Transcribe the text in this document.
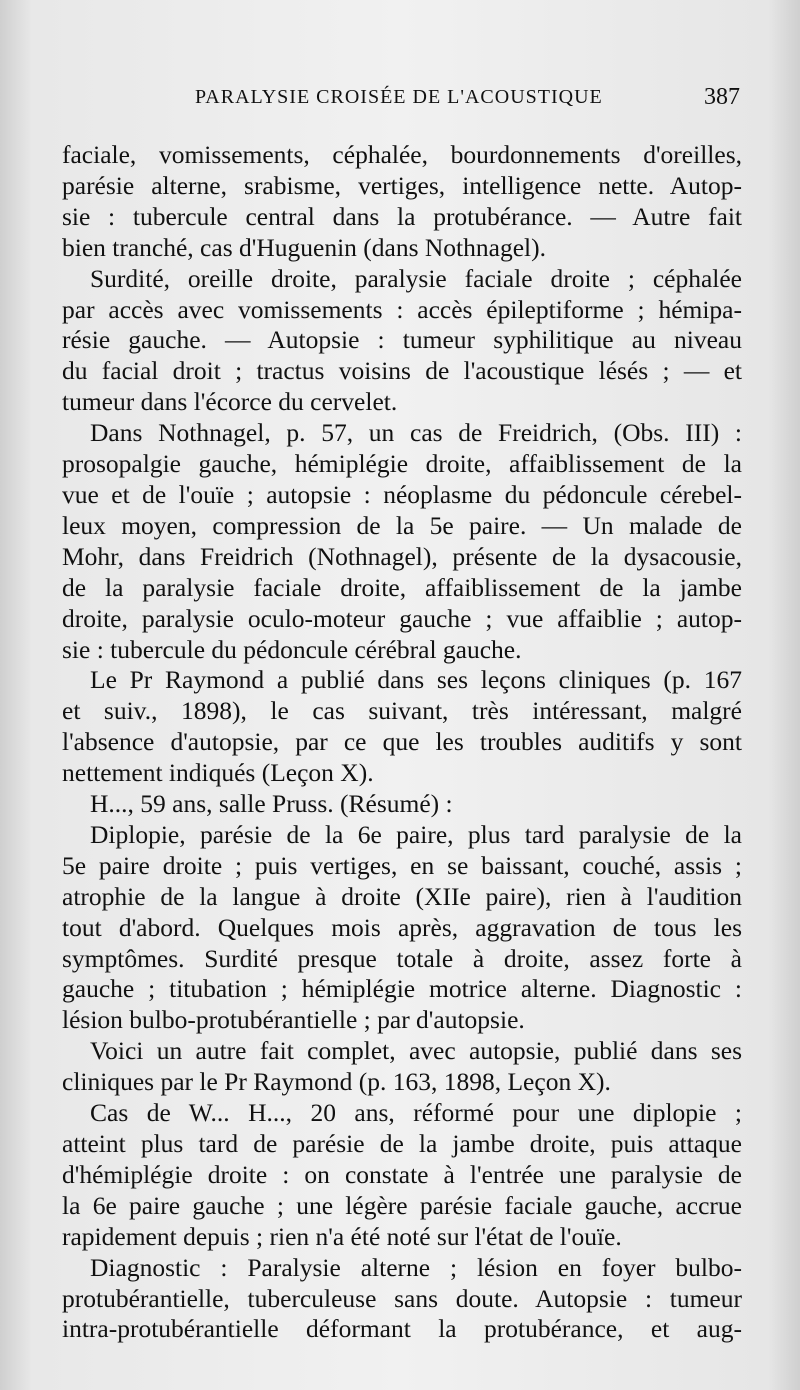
PARALYSIE CROISÉE DE L'ACOUSTIQUE	387
faciale, vomissements, céphalée, bourdonnements d'oreilles,
parésie alterne, srabisme, vertiges, intelligence nette. Autop-
sie : tubercule central dans la protubérance. — Autre fait
bien tranché, cas d'Huguenin (dans Nothnagel).
Surdité, oreille droite, paralysie faciale droite ; céphalée
par accès avec vomissements : accès épileptiforme ; hémipa-
résie gauche. — Autopsie : tumeur syphilitique au niveau
du facial droit ; tractus voisins de l'acoustique lésés ; — et
tumeur dans l'écorce du cervelet.
Dans Nothnagel, p. 57, un cas de Freidrich, (Obs. III) :
prosopalgie gauche, hémiplégie droite, affaiblissement de la
vue et de l'ouïe ; autopsie : néoplasme du pédoncule cérebel-
leux moyen, compression de la 5e paire. — Un malade de
Mohr, dans Freidrich (Nothnagel), présente de la dysacousie,
de la paralysie faciale droite, affaiblissement de la jambe
droite, paralysie oculo-moteur gauche ; vue affaiblie ; autop-
sie : tubercule du pédoncule cérébral gauche.
Le Pr Raymond a publié dans ses leçons cliniques (p. 167
et suiv., 1898), le cas suivant, très intéressant, malgré
l'absence d'autopsie, par ce que les troubles auditifs y sont
nettement indiqués (Leçon X).
H..., 59 ans, salle Pruss. (Résumé) :
Diplopie, parésie de la 6e paire, plus tard paralysie de la
5e paire droite ; puis vertiges, en se baissant, couché, assis ;
atrophie de la langue à droite (XIIe paire), rien à l'audition
tout d'abord. Quelques mois après, aggravation de tous les
symptômes. Surdité presque totale à droite, assez forte à
gauche ; titubation ; hémiplégie motrice alterne. Diagnostic :
lésion bulbo-protubérantielle ; par d'autopsie.
Voici un autre fait complet, avec autopsie, publié dans ses
cliniques par le Pr Raymond (p. 163, 1898, Leçon X).
Cas de W... H..., 20 ans, réformé pour une diplopie ;
atteint plus tard de parésie de la jambe droite, puis attaque
d'hémiplégie droite : on constate à l'entrée une paralysie de
la 6e paire gauche ; une légère parésie faciale gauche, accrue
rapidement depuis ; rien n'a été noté sur l'état de l'ouïe.
Diagnostic : Paralysie alterne ; lésion en foyer bulbo-
protubérantielle, tuberculeuse sans doute. Autopsie : tumeur
intra-protubérantielle déformant la protubérance, et aug-
